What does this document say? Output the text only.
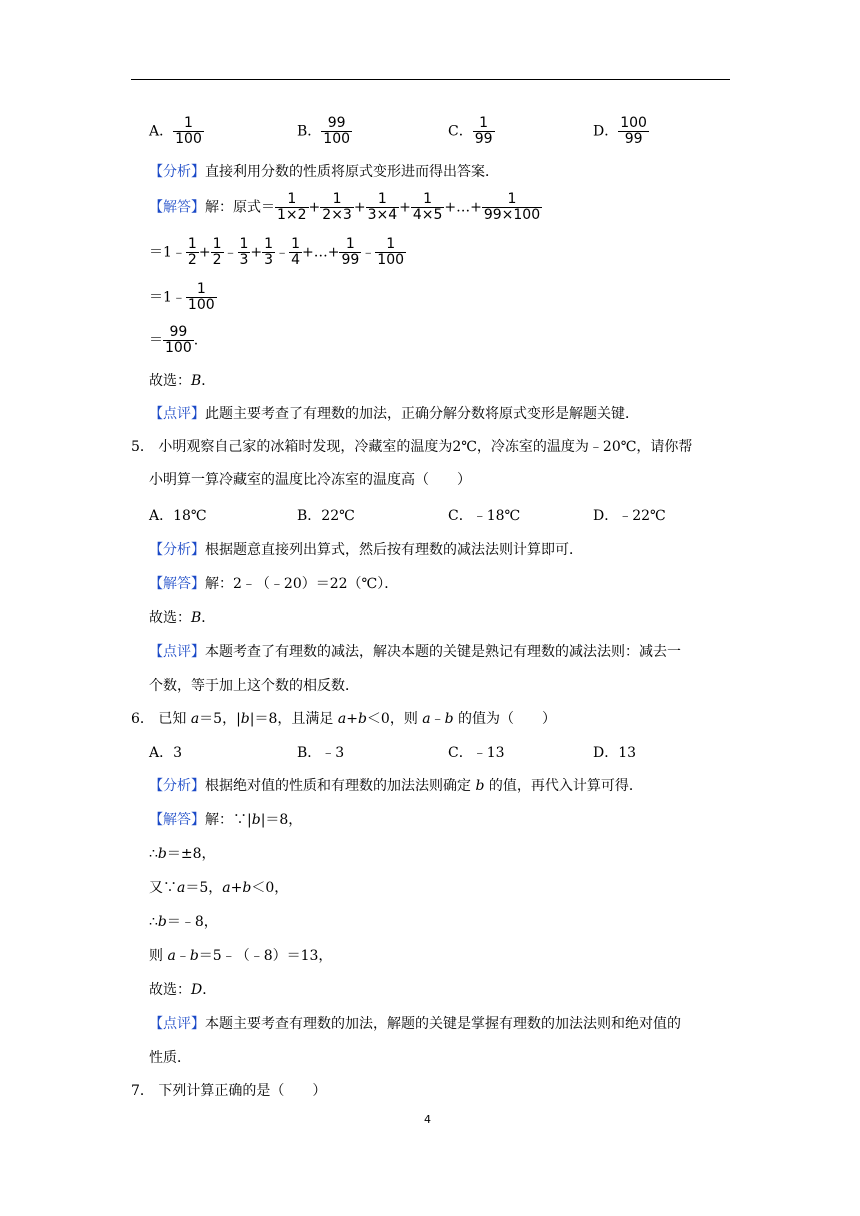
A． $\frac{1}{100}$	B． $\frac{99}{100}$	C． $\frac{1}{99}$	D． $\frac{100}{99}$
【分析】直接利用分数的性质将原式变形进而得出答案．
【解答】解：原式＝ $\frac{1}{1\times 2} + \frac{1}{2\times 3} + \frac{1}{3\times 4} + \frac{1}{4\times 5}$ +…+ $\frac{1}{99\times 100}$
＝1﹣ $\frac{1}{2} + \frac{1}{2}$ ﹣ $\frac{1}{3} + \frac{1}{3}$ ﹣ $\frac{1}{4}$ +…+ $\frac{1}{99}$ ﹣ $\frac{1}{100}$
＝1﹣ $\frac{1}{100}$
＝ $\frac{99}{100}$ .
故选：B．
【点评】此题主要考查了有理数的加法，正确分解分数将原式变形是解题关键．
5． 小明观察自己家的冰箱时发现，冷藏室的温度为2℃，冷冻室的温度为﹣20℃，请你帮
小明算一算冷藏室的温度比冷冻室的温度高（　　）
A．18℃	B．22℃	C．﹣18℃	D．﹣22℃
【分析】根据题意直接列出算式，然后按有理数的减法法则计算即可．
【解答】解：2﹣（﹣20）＝22（℃）．
故选：B．
【点评】本题考查了有理数的减法，解决本题的关键是熟记有理数的减法法则：减去一
个数，等于加上这个数的相反数．
6． 已知 a＝5，|b|＝8，且满足 a+b＜0，则 a﹣b 的值为（　　）
A．3	B．﹣3	C．﹣13	D．13
【分析】根据绝对值的性质和有理数的加法法则确定 b 的值，再代入计算可得．
【解答】解：∵|b|＝8，
∴b＝±8，
又∵a＝5，a+b＜0，
∴b＝﹣8，
则 a﹣b＝5﹣（﹣8）＝13，
故选：D．
【点评】本题主要考查有理数的加法，解题的关键是掌握有理数的加法法则和绝对值的
性质．
7． 下列计算正确的是（　　）
4
